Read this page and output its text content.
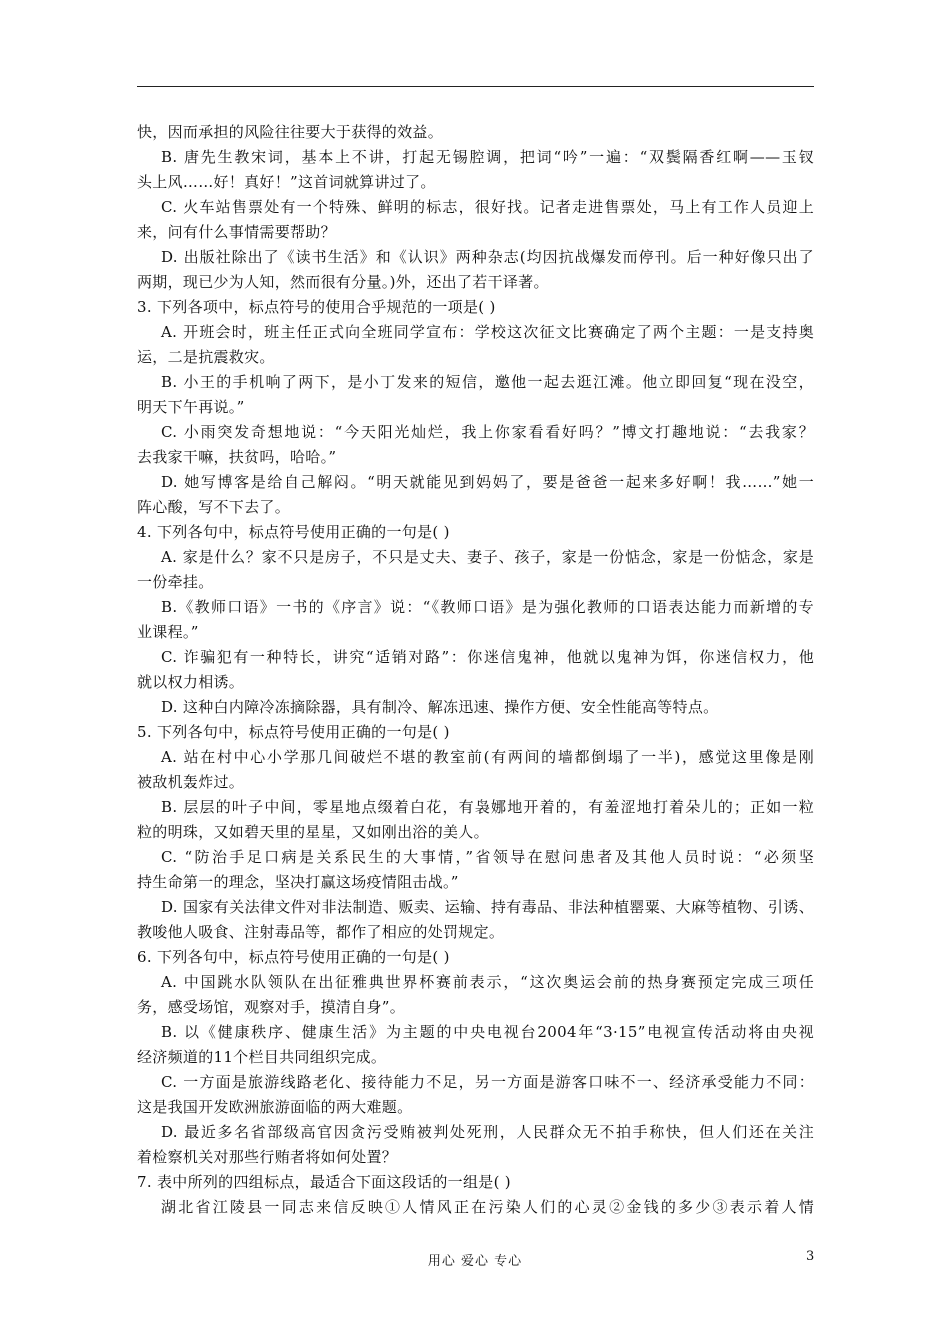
快，因而承担的风险往往要大于获得的效益。
B. 唐先生教宋词，基本上不讲，打起无锡腔调，把词“吟”一遍：“双鬓隔香红啊——玉钗
头上风……好！真好！”这首词就算讲过了。
C. 火车站售票处有一个特殊、鲜明的标志，很好找。记者走进售票处，马上有工作人员迎上
来，问有什么事情需要帮助？
D. 出版社除出了《读书生活》和《认识》两种杂志(均因抗战爆发而停刊。后一种好像只出了
两期，现已少为人知，然而很有分量。)外，还出了若干译著。
3. 下列各项中，标点符号的使用合乎规范的一项是( )
A. 开班会时，班主任正式向全班同学宣布：学校这次征文比赛确定了两个主题：一是支持奥
运，二是抗震救灾。
B. 小王的手机响了两下，是小丁发来的短信，邀他一起去逛江滩。他立即回复“现在没空，
明天下午再说。”
C. 小雨突发奇想地说：“今天阳光灿烂，我上你家看看好吗？”博文打趣地说：“去我家？
去我家干嘛，扶贫吗，哈哈。”
D. 她写博客是给自己解闷。“明天就能见到妈妈了，要是爸爸一起来多好啊！我……”她一
阵心酸，写不下去了。
4. 下列各句中，标点符号使用正确的一句是( )
A. 家是什么？家不只是房子，不只是丈夫、妻子、孩子，家是一份惦念，家是一份惦念，家是
一份牵挂。
B.《教师口语》一书的《序言》说：“《教师口语》是为强化教师的口语表达能力而新增的专
业课程。”
C. 诈骗犯有一种特长，讲究“适销对路”：你迷信鬼神，他就以鬼神为饵，你迷信权力，他
就以权力相诱。
D. 这种白内障冷冻摘除器，具有制冷、解冻迅速、操作方便、安全性能高等特点。
5. 下列各句中，标点符号使用正确的一句是( )
A. 站在村中心小学那几间破烂不堪的教室前(有两间的墙都倒塌了一半)，感觉这里像是刚
被敌机轰炸过。
B. 层层的叶子中间，零星地点缀着白花，有袅娜地开着的，有羞涩地打着朵儿的；正如一粒
粒的明珠，又如碧天里的星星，又如刚出浴的美人。
C. “防治手足口病是关系民生的大事情，”省领导在慰问患者及其他人员时说：“必须坚
持生命第一的理念，坚决打赢这场疫情阻击战。”
D. 国家有关法律文件对非法制造、贩卖、运输、持有毒品、非法种植罂粟、大麻等植物、引诱、
教唆他人吸食、注射毒品等，都作了相应的处罚规定。
6. 下列各句中，标点符号使用正确的一句是( )
A. 中国跳水队领队在出征雅典世界杯赛前表示，“这次奥运会前的热身赛预定完成三项任
务，感受场馆，观察对手，摸清自身”。
B. 以《健康秩序、健康生活》为主题的中央电视台2004年“3·15”电视宣传活动将由央视
经济频道的11个栏目共同组织完成。
C. 一方面是旅游线路老化、接待能力不足，另一方面是游客口味不一、经济承受能力不同：
这是我国开发欧洲旅游面临的两大难题。
D. 最近多名省部级高官因贪污受贿被判处死刑，人民群众无不拍手称快，但人们还在关注
着检察机关对那些行贿者将如何处置？
7. 表中所列的四组标点，最适合下面这段话的一组是( )
湖北省江陵县一同志来信反映①人情风正在污染人们的心灵②金钱的多少③表示着人情
用心 爱心 专心	3
